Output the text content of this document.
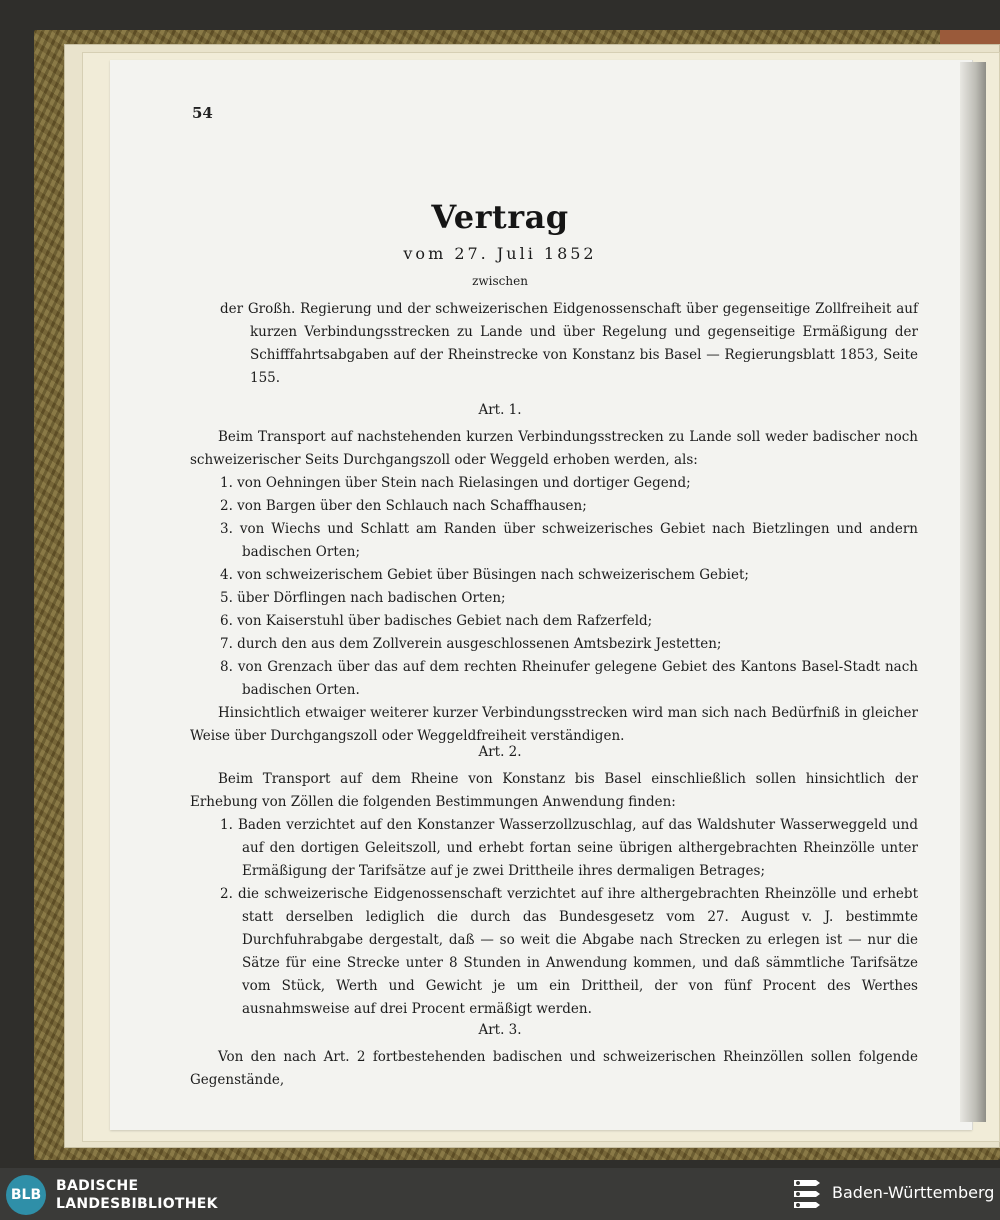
54
Vertrag
vom 27. Juli 1852
zwischen

der Großh. Regierung und der schweizerischen Eidgenossenschaft über gegenseitige Zollfreiheit auf kurzen Verbindungsstrecken zu Lande und über Regelung und gegenseitige Ermäßigung der Schifffahrtsabgaben auf der Rheinstrecke von Konstanz bis Basel — Regierungsblatt 1853, Seite 155.

Art. 1.

Beim Transport auf nachstehenden kurzen Verbindungsstrecken zu Lande soll weder badischer noch schweizerischer Seits Durchgangszoll oder Weggeld erhoben werden, als:

1. von Oehningen über Stein nach Rielasingen und dortiger Gegend;

2. von Bargen über den Schlauch nach Schaffhausen;

3. von Wiechs und Schlatt am Randen über schweizerisches Gebiet nach Bietzlingen und andern badischen Orten;

4. von schweizerischem Gebiet über Büsingen nach schweizerischem Gebiet;

5. über Dörflingen nach badischen Orten;

6. von Kaiserstuhl über badisches Gebiet nach dem Rafzerfeld;

7. durch den aus dem Zollverein ausgeschlossenen Amtsbezirk Jestetten;

8. von Grenzach über das auf dem rechten Rheinufer gelegene Gebiet des Kantons Basel-Stadt nach badischen Orten.

Hinsichtlich etwaiger weiterer kurzer Verbindungsstrecken wird man sich nach Bedürfniß in gleicher Weise über Durchgangszoll oder Weggeldfreiheit verständigen.

Art. 2.

Beim Transport auf dem Rheine von Konstanz bis Basel einschließlich sollen hinsichtlich der Erhebung von Zöllen die folgenden Bestimmungen Anwendung finden:

1. Baden verzichtet auf den Konstanzer Wasserzollzuschlag, auf das Waldshuter Wasserweggeld und auf den dortigen Geleitszoll, und erhebt fortan seine übrigen althergebrachten Rheinzölle unter Ermäßigung der Tarifsätze auf je zwei Drittheile ihres dermaligen Betrages;

2. die schweizerische Eidgenossenschaft verzichtet auf ihre althergebrachten Rheinzölle und erhebt statt derselben lediglich die durch das Bundesgesetz vom 27. August v. J. bestimmte Durchfuhrabgabe dergestalt, daß — so weit die Abgabe nach Strecken zu erlegen ist — nur die Sätze für eine Strecke unter 8 Stunden in Anwendung kommen, und daß sämmtliche Tarifsätze vom Stück, Werth und Gewicht je um ein Drittheil, der von fünf Procent des Werthes ausnahmsweise auf drei Procent ermäßigt werden.

Art. 3.

Von den nach Art. 2 fortbestehenden badischen und schweizerischen Rheinzöllen sollen folgende Gegenstände,

BLB
BADISCHE
LANDESBIBLIOTHEK
Baden-Württemberg
